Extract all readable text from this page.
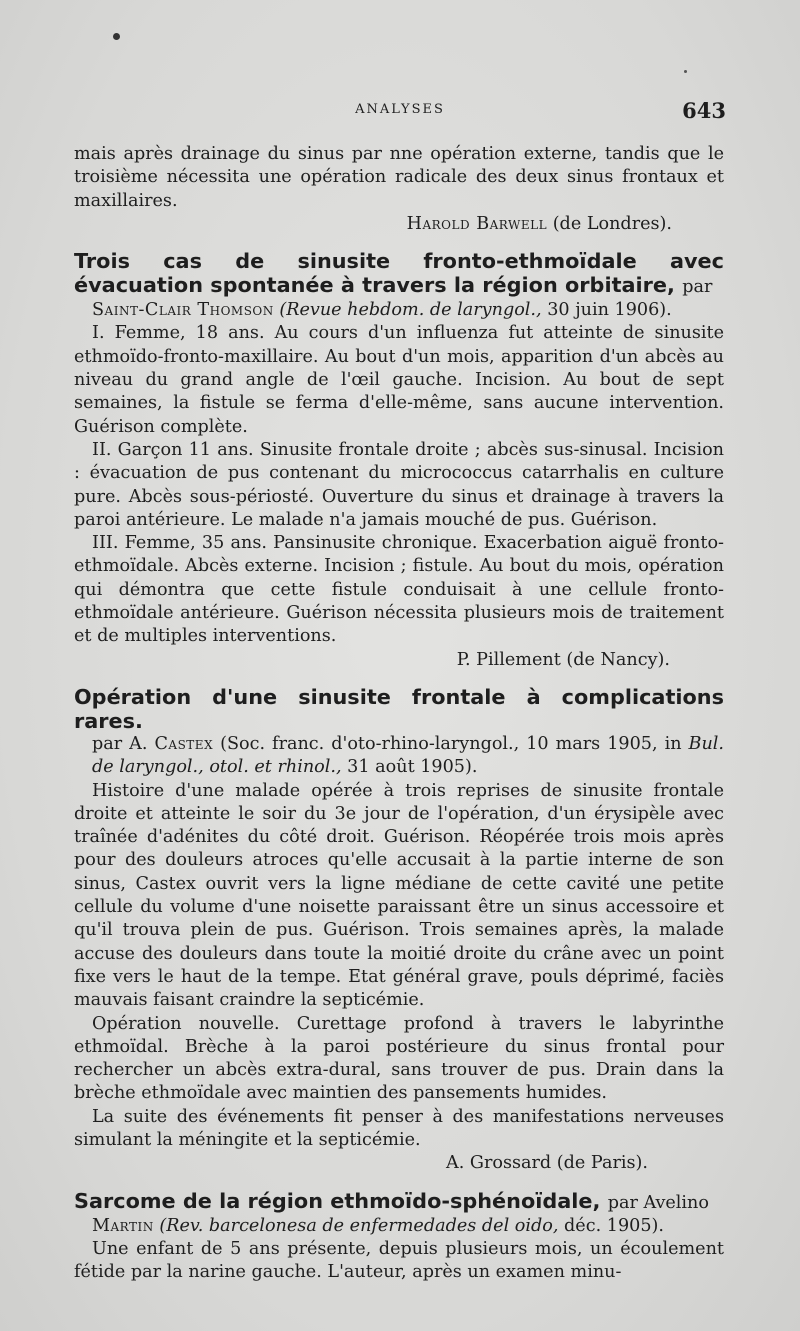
ANALYSES	643

mais après drainage du sinus par nne opération externe, tandis que le troisième nécessita une opération radicale des deux sinus frontaux et maxillaires.

Harold Barwell (de Londres).

Trois cas de sinusite fronto-ethmoïdale avec évacuation spontanée à travers la région orbitaire, par

Saint-Clair Thomson (Revue hebdom. de laryngol., 30 juin 1906).

I. Femme, 18 ans. Au cours d'un influenza fut atteinte de sinusite ethmoïdo-fronto-maxillaire. Au bout d'un mois, apparition d'un abcès au niveau du grand angle de l'œil gauche. Incision. Au bout de sept semaines, la fistule se ferma d'elle-même, sans aucune intervention. Guérison complète.

II. Garçon 11 ans. Sinusite frontale droite ; abcès sus-sinusal. Incision : évacuation de pus contenant du micrococcus catarrhalis en culture pure. Abcès sous-périosté. Ouverture du sinus et drainage à travers la paroi antérieure. Le malade n'a jamais mouché de pus. Guérison.

III. Femme, 35 ans. Pansinusite chronique. Exacerbation aiguë fronto-ethmoïdale. Abcès externe. Incision ; fistule. Au bout du mois, opération qui démontra que cette fistule conduisait à une cellule fronto-ethmoïdale antérieure. Guérison nécessita plusieurs mois de traitement et de multiples interventions.

P. Pillement (de Nancy).

Opération d'une sinusite frontale à complications rares.

par A. Castex (Soc. franc. d'oto-rhino-laryngol., 10 mars 1905, in Bul. de laryngol., otol. et rhinol., 31 août 1905).

Histoire d'une malade opérée à trois reprises de sinusite frontale droite et atteinte le soir du 3e jour de l'opération, d'un érysipèle avec traînée d'adénites du côté droit. Guérison. Réopérée trois mois après pour des douleurs atroces qu'elle accusait à la partie interne de son sinus, Castex ouvrit vers la ligne médiane de cette cavité une petite cellule du volume d'une noisette paraissant être un sinus accessoire et qu'il trouva plein de pus. Guérison. Trois semaines après, la malade accuse des douleurs dans toute la moitié droite du crâne avec un point fixe vers le haut de la tempe. Etat général grave, pouls déprimé, faciès mauvais faisant craindre la septicémie.

Opération nouvelle. Curettage profond à travers le labyrinthe ethmoïdal. Brèche à la paroi postérieure du sinus frontal pour rechercher un abcès extra-dural, sans trouver de pus. Drain dans la brèche ethmoïdale avec maintien des pansements humides.

La suite des événements fit penser à des manifestations nerveuses simulant la méningite et la septicémie.

A. Grossard (de Paris).

Sarcome de la région ethmoïdo-sphénoïdale, par Avelino

Martin (Rev. barcelonesa de enfermedades del oido, déc. 1905).

Une enfant de 5 ans présente, depuis plusieurs mois, un écoulement fétide par la narine gauche. L'auteur, après un examen minu-
